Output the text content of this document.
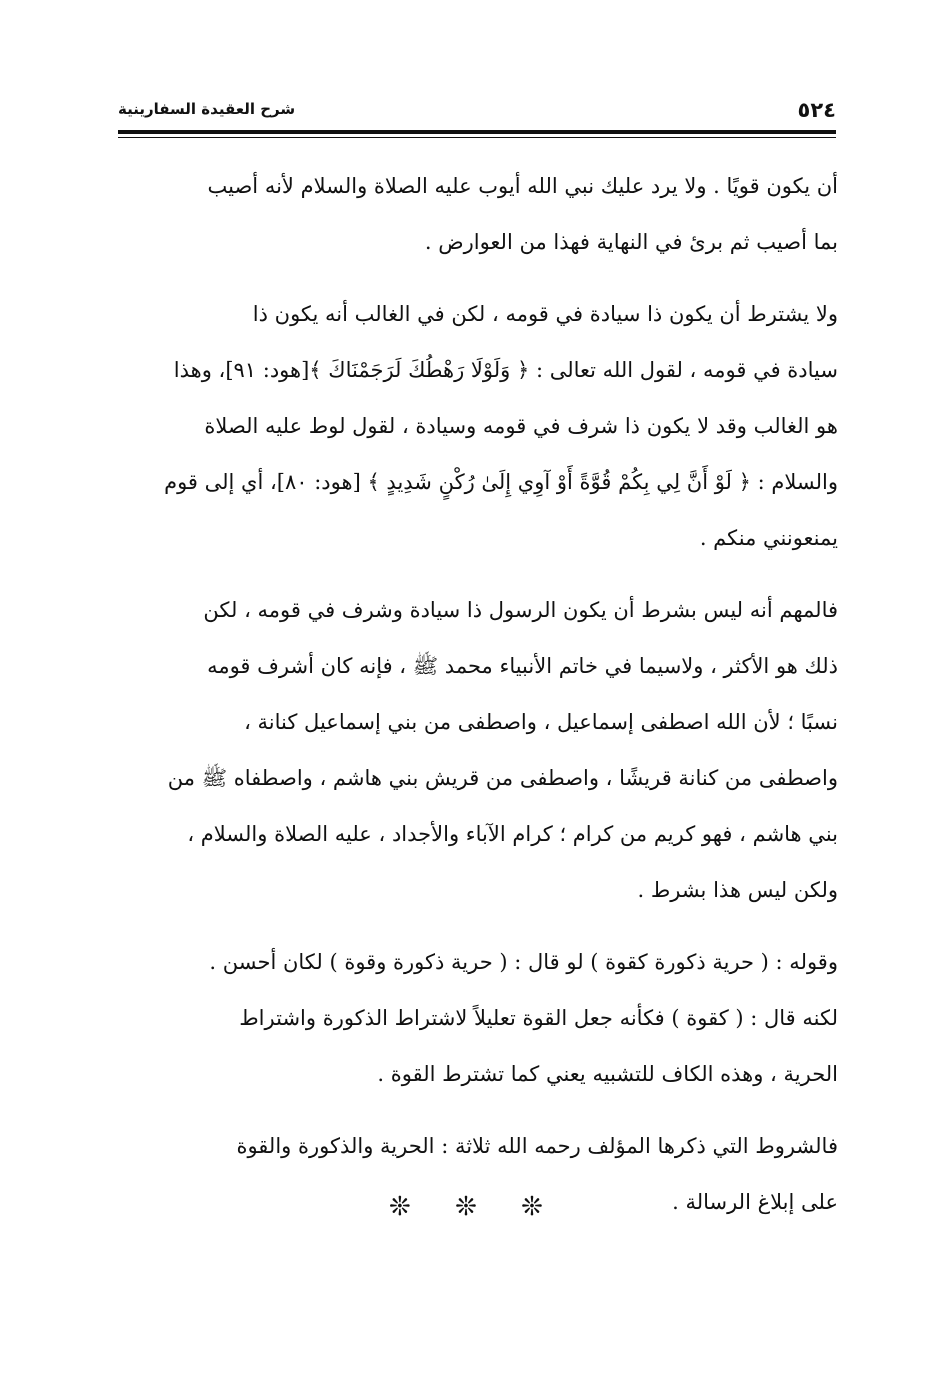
٥٢٤
شرح العقيدة السفارينية
أن يكون قويًا . ولا يرد عليك نبي الله أيوب عليه الصلاة والسلام لأنه أصيب
بما أصيب ثم برئ في النهاية فهذا من العوارض .
ولا يشترط أن يكون ذا سيادة في قومه ، لكن في الغالب أنه يكون ذا
سيادة في قومه ، لقول الله تعالى : ﴿ وَلَوْلَا رَهْطُكَ لَرَجَمْنَاكَ ﴾[هود: ٩١]، وهذا
هو الغالب وقد لا يكون ذا شرف في قومه وسيادة ، لقول لوط عليه الصلاة
والسلام : ﴿ لَوْ أَنَّ لِي بِكُمْ قُوَّةً أَوْ آوِي إِلَىٰ رُكْنٍ شَدِيدٍ ﴾ [هود: ٨٠]، أي إلى قوم
يمنعونني منكم .
فالمهم أنه ليس بشرط أن يكون الرسول ذا سيادة وشرف في قومه ، لكن
ذلك هو الأكثر ، ولاسيما في خاتم الأنبياء محمد ﷺ ، فإنه كان أشرف قومه
نسبًا ؛ لأن الله اصطفى إسماعيل ، واصطفى من بني إسماعيل كنانة ،
واصطفى من كنانة قريشًا ، واصطفى من قريش بني هاشم ، واصطفاه ﷺ من
بني هاشم ، فهو كريم من كرام ؛ كرام الآباء والأجداد ، عليه الصلاة والسلام ،
ولكن ليس هذا بشرط .
وقوله : ( حرية ذكورة كقوة ) لو قال : ( حرية ذكورة وقوة ) لكان أحسن .
لكنه قال : ( كقوة ) فكأنه جعل القوة تعليلاً لاشتراط الذكورة واشتراط
الحرية ، وهذه الكاف للتشبيه يعني كما تشترط القوة .
فالشروط التي ذكرها المؤلف رحمه الله ثلاثة : الحرية والذكورة والقوة
على إبلاغ الرسالة .
❊ ❊ ❊
